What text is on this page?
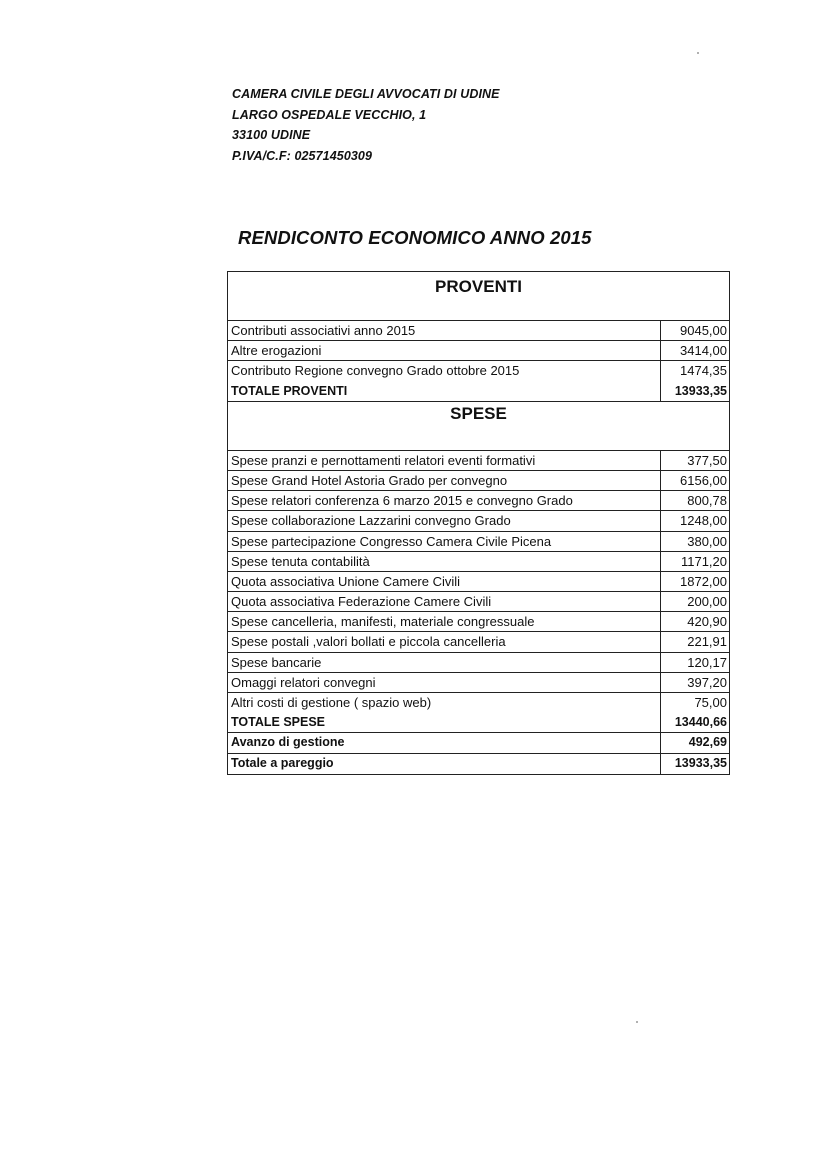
CAMERA CIVILE DEGLI AVVOCATI DI UDINE
LARGO OSPEDALE VECCHIO, 1
33100 UDINE
P.IVA/C.F: 02571450309
RENDICONTO ECONOMICO ANNO 2015
PROVENTI
Contributi associativi anno 2015	9045,00
Altre erogazioni	3414,00
Contributo Regione convegno Grado ottobre 2015	1474,35
TOTALE PROVENTI	13933,35
SPESE
Spese pranzi e pernottamenti relatori eventi formativi	377,50
Spese Grand Hotel Astoria Grado per convegno	6156,00
Spese relatori conferenza 6 marzo 2015 e convegno Grado	800,78
Spese collaborazione Lazzarini convegno Grado	1248,00
Spese partecipazione Congresso Camera Civile Picena	380,00
Spese tenuta contabilità	1171,20
Quota associativa Unione Camere Civili	1872,00
Quota associativa Federazione Camere Civili	200,00
Spese cancelleria, manifesti, materiale congressuale	420,90
Spese postali ,valori bollati e piccola cancelleria	221,91
Spese bancarie	120,17
Omaggi relatori convegni	397,20
Altri costi di gestione ( spazio web)	75,00
TOTALE SPESE	13440,66
Avanzo di gestione	492,69
Totale a pareggio	13933,35
